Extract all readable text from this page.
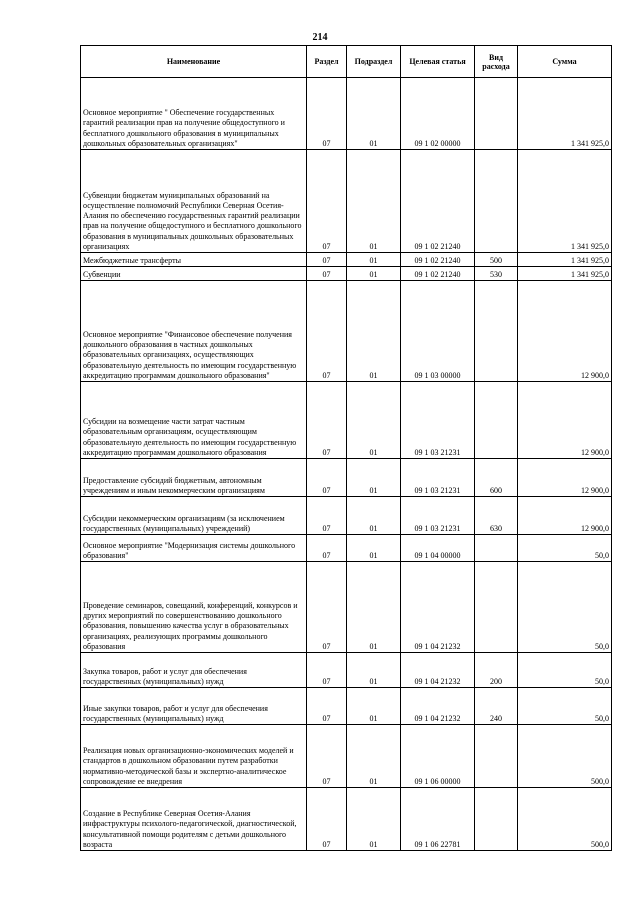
214
Наименование	Раздел	Подраздел	Целевая статья	Вид расхода	Сумма
Основное мероприятие " Обеспечение государственных гарантий реализации прав на получение общедоступного и бесплатного дошкольного образования в муниципальных дошкольных образовательных организациях"	07	01	09 1 02 00000		1 341 925,0
Субвенции бюджетам муниципальных образований на осуществление полномочий Республики Северная Осетия-Алания по обеспечению государственных гарантий реализации прав на получение общедоступного и бесплатного дошкольного образования в муниципальных дошкольных образовательных организациях	07	01	09 1 02 21240		1 341 925,0
Межбюджетные трансферты	07	01	09 1 02 21240	500	1 341 925,0
Субвенции	07	01	09 1 02 21240	530	1 341 925,0
Основное мероприятие "Финансовое обеспечение получения дошкольного образования в частных дошкольных образовательных организациях, осуществляющих образовательную деятельность по имеющим государственную аккредитацию программам дошкольного образования"	07	01	09 1 03 00000		12 900,0
Субсидии на возмещение части затрат частным образовательным организациям, осуществляющим образовательную деятельность по имеющим государственную аккредитацию программам дошкольного образования	07	01	09 1 03 21231		12 900,0
Предоставление субсидий бюджетным, автономным учреждениям и иным некоммерческим организациям	07	01	09 1 03 21231	600	12 900,0
Субсидии некоммерческим организациям (за исключением государственных (муниципальных) учреждений)	07	01	09 1 03 21231	630	12 900,0
Основное мероприятие "Модернизация системы дошкольного образования"	07	01	09 1 04 00000		50,0
Проведение семинаров, совещаний, конференций, конкурсов и других мероприятий по совершенствованию дошкольного образования, повышению качества услуг в образовательных организациях, реализующих программы дошкольного образования	07	01	09 1 04 21232		50,0
Закупка товаров, работ и услуг для обеспечения государственных (муниципальных) нужд	07	01	09 1 04 21232	200	50,0
Иные закупки товаров, работ и услуг для обеспечения государственных (муниципальных) нужд	07	01	09 1 04 21232	240	50,0
Реализация новых организационно-экономических моделей и стандартов в дошкольном образовании путем разработки нормативно-методической базы и экспертно-аналитическое сопровождение ее внедрения	07	01	09 1 06 00000		500,0
Создание в Республике Северная Осетия-Алания инфраструктуры психолого-педагогической, диагностической, консультативной помощи родителям с детьми дошкольного возраста	07	01	09 1 06 22781		500,0
